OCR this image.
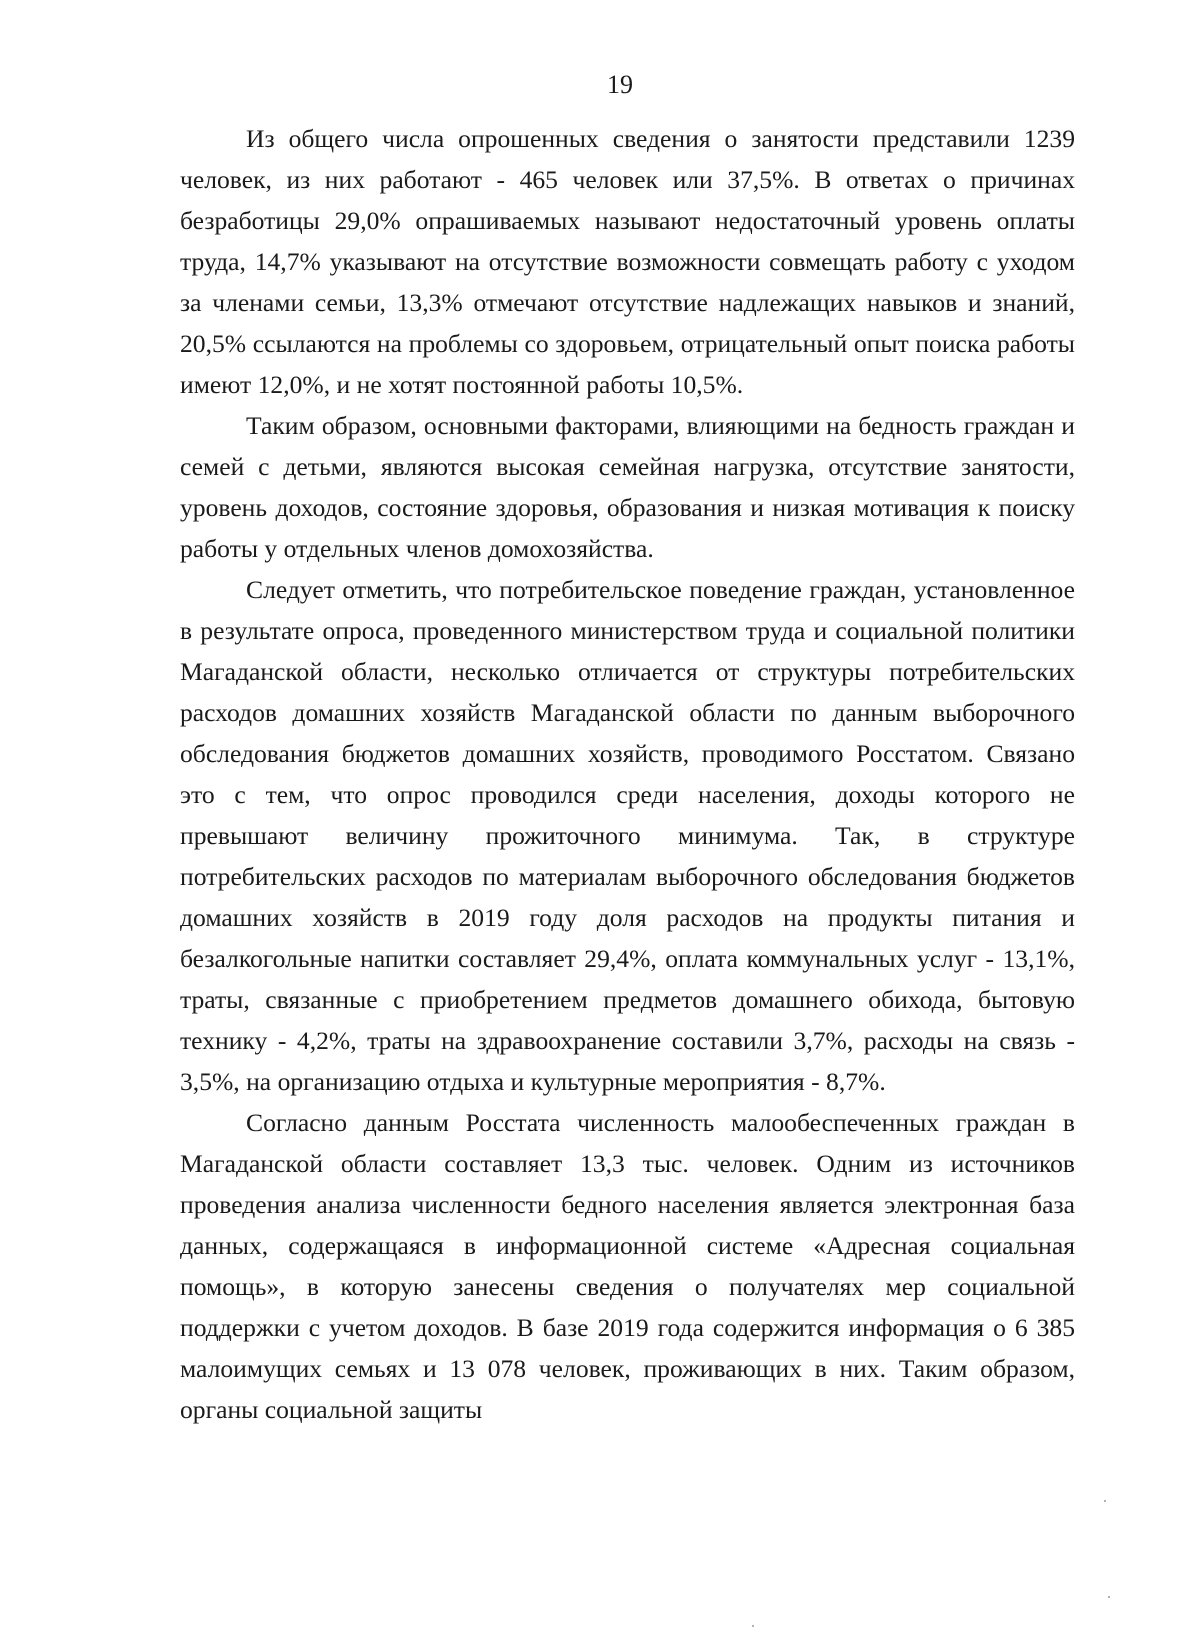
19

Из общего числа опрошенных сведения о занятости представили 1239 человек, из них работают - 465 человек или 37,5%. В ответах о причинах безработицы 29,0% опрашиваемых называют недостаточный уровень оплаты труда, 14,7% указывают на отсутствие возможности совмещать работу с уходом за членами семьи, 13,3% отмечают отсутствие надлежащих навыков и знаний, 20,5% ссылаются на проблемы со здоровьем, отрицательный опыт поиска работы имеют 12,0%, и не хотят постоянной работы 10,5%.

Таким образом, основными факторами, влияющими на бедность граждан и семей с детьми, являются высокая семейная нагрузка, отсутствие занятости, уровень доходов, состояние здоровья, образования и низкая мотивация к поиску работы у отдельных членов домохозяйства.

Следует отметить, что потребительское поведение граждан, установленное в результате опроса, проведенного министерством труда и социальной политики Магаданской области, несколько отличается от структуры потребительских расходов домашних хозяйств Магаданской области по данным выборочного обследования бюджетов домашних хозяйств, проводимого Росстатом. Связано это с тем, что опрос проводился среди населения, доходы которого не превышают величину прожиточного минимума. Так, в структуре потребительских расходов по материалам выборочного обследования бюджетов домашних хозяйств в 2019 году доля расходов на продукты питания и безалкогольные напитки составляет 29,4%, оплата коммунальных услуг - 13,1%, траты, связанные с приобретением предметов домашнего обихода, бытовую технику - 4,2%, траты на здравоохранение составили 3,7%, расходы на связь - 3,5%, на организацию отдыха и культурные мероприятия - 8,7%.

Согласно данным Росстата численность малообеспеченных граждан в Магаданской области составляет 13,3 тыс. человек. Одним из источников проведения анализа численности бедного населения является электронная база данных, содержащаяся в информационной системе «Адресная социальная помощь», в которую занесены сведения о получателях мер социальной поддержки с учетом доходов. В базе 2019 года содержится информация о 6 385 малоимущих семьях и 13 078 человек, проживающих в них. Таким образом, органы социальной защиты
